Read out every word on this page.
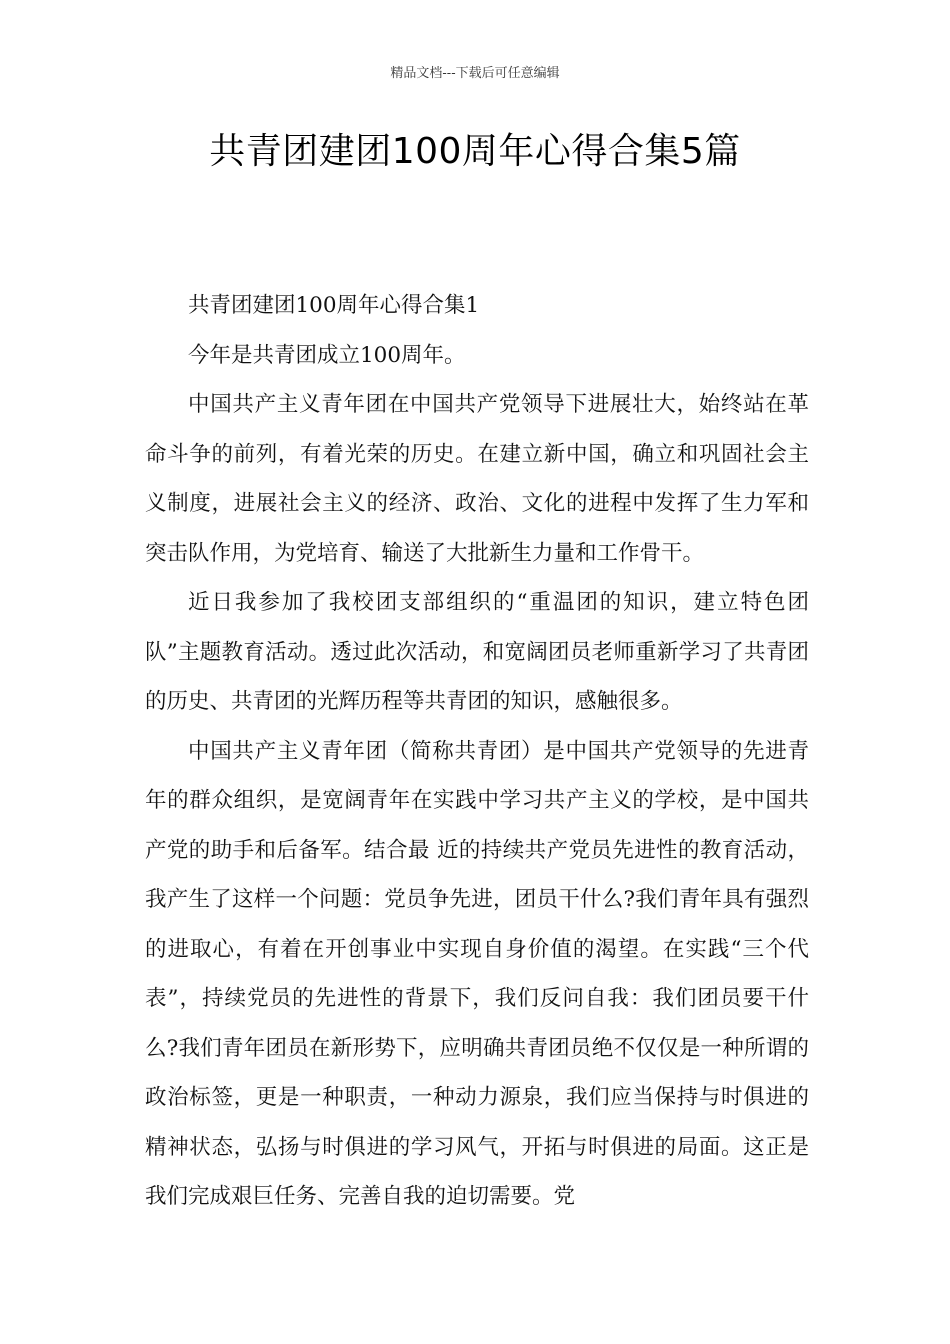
精品文档---下载后可任意编辑
共青团建团100周年心得合集5篇

共青团建团100周年心得合集1

今年是共青团成立100周年。

中国共产主义青年团在中国共产党领导下进展壮大，始终站在革命斗争的前列，有着光荣的历史。在建立新中国，确立和巩固社会主义制度，进展社会主义的经济、政治、文化的进程中发挥了生力军和突击队作用，为党培育、输送了大批新生力量和工作骨干。

近日我参加了我校团支部组织的“重温团的知识，建立特色团队”主题教育活动。透过此次活动，和宽阔团员老师重新学习了共青团的历史、共青团的光辉历程等共青团的知识，感触很多。

中国共产主义青年团（简称共青团）是中国共产党领导的先进青年的群众组织，是宽阔青年在实践中学习共产主义的学校，是中国共产党的助手和后备军。结合最 近的持续共产党员先进性的教育活动，我产生了这样一个问题：党员争先进，团员干什么?我们青年具有强烈的进取心，有着在开创事业中实现自身价值的渴望。在实践“三个代表”，持续党员的先进性的背景下，我们反问自我：我们团员要干什么?我们青年团员在新形势下，应明确共青团员绝不仅仅是一种所谓的政治标签，更是一种职责，一种动力源泉，我们应当保持与时俱进的精神状态，弘扬与时俱进的学习风气，开拓与时俱进的局面。这正是我们完成艰巨任务、完善自我的迫切需要。党
